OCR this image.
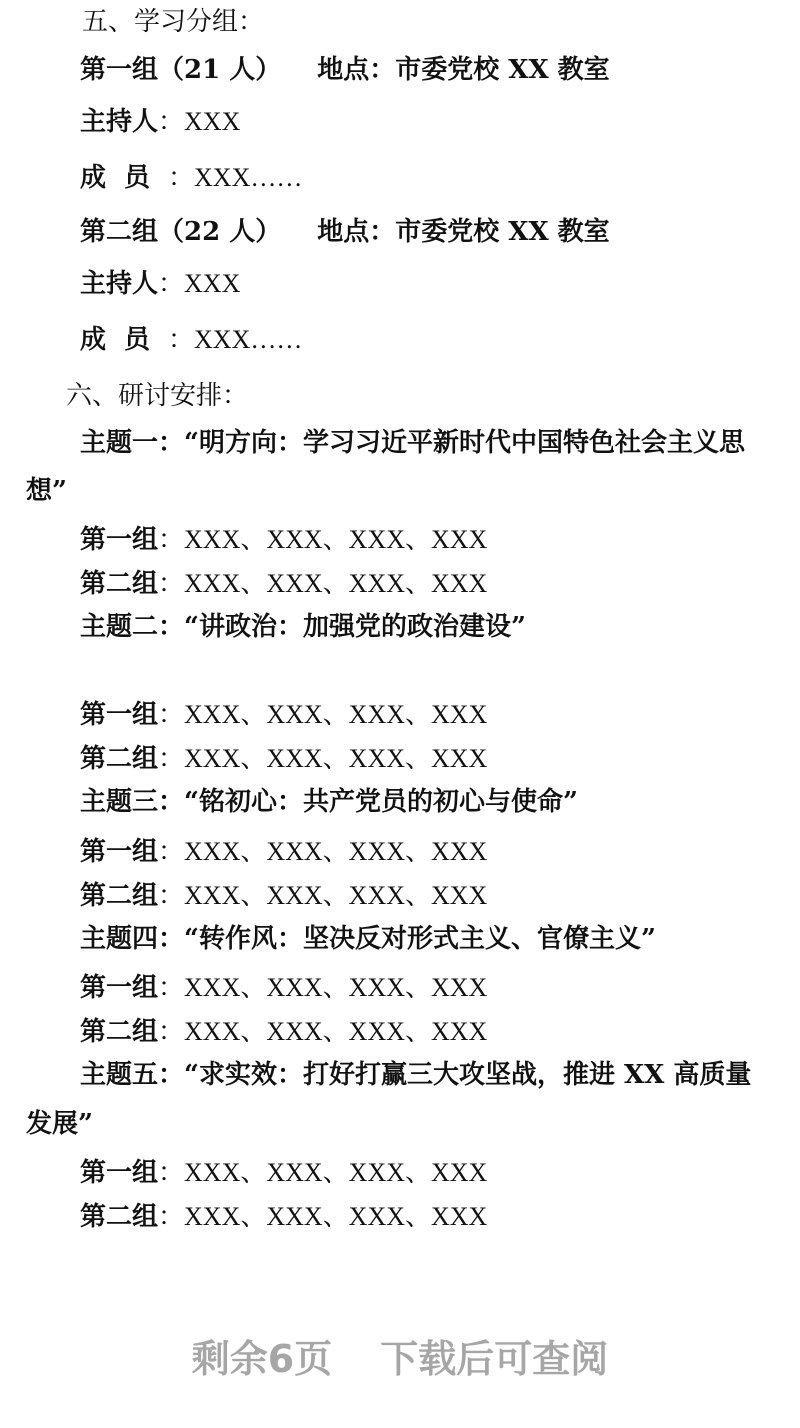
五、学习分组：
第一组（21 人） 地点：市委党校 XX 教室
主持人：XXX
成员：XXX……
第二组（22 人） 地点：市委党校 XX 教室
主持人：XXX
成员：XXX……
六、研讨安排：
主题一：“明方向：学习习近平新时代中国特色社会主义思
想”
第一组：XXX、XXX、XXX、XXX
第二组：XXX、XXX、XXX、XXX
主题二：“讲政治：加强党的政治建设”
第一组：XXX、XXX、XXX、XXX
第二组：XXX、XXX、XXX、XXX
主题三：“铭初心：共产党员的初心与使命”
第一组：XXX、XXX、XXX、XXX
第二组：XXX、XXX、XXX、XXX
主题四：“转作风：坚决反对形式主义、官僚主义”
第一组：XXX、XXX、XXX、XXX
第二组：XXX、XXX、XXX、XXX
主题五：“求实效：打好打赢三大攻坚战，推进 XX 高质量
发展”
第一组：XXX、XXX、XXX、XXX
第二组：XXX、XXX、XXX、XXX
剩余6页 下载后可查阅
